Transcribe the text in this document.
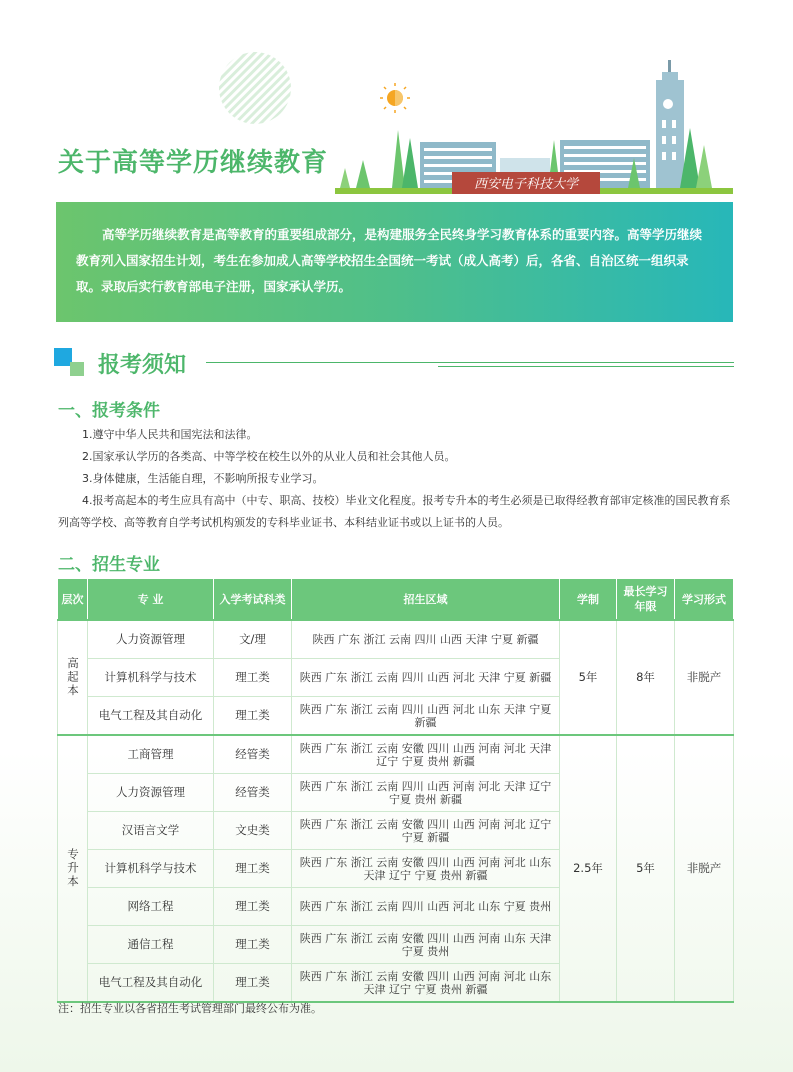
西安电子科技大学
关于高等学历继续教育

高等学历继续教育是高等教育的重要组成部分，是构建服务全民终身学习教育体系的重要内容。高等学历继续教育列入国家招生计划，考生在参加成人高等学校招生全国统一考试（成人高考）后，各省、自治区统一组织录取。录取后实行教育部电子注册，国家承认学历。

报考须知
一、报考条件

1.遵守中华人民共和国宪法和法律。

2.国家承认学历的各类高、中等学校在校生以外的从业人员和社会其他人员。

3.身体健康，生活能自理，不影响所报专业学习。

4.报考高起本的考生应具有高中（中专、职高、技校）毕业文化程度。报考专升本的考生必须是已取得经教育部审定核准的国民教育系列高等学校、高等教育自学考试机构颁发的专科毕业证书、本科结业证书或以上证书的人员。

二、招生专业
层次	专 业	入学考试科类	招生区域	学制	最长学习年限	学习形式
高起本	人力资源管理	文/理	陕西 广东 浙江 云南 四川 山西 天津 宁夏 新疆	5年	8年	非脱产
	计算机科学与技术	理工类	陕西 广东 浙江 云南 四川 山西 河北 天津 宁夏 新疆			
	电气工程及其自动化	理工类	陕西 广东 浙江 云南 四川 山西 河北 山东 天津 宁夏 新疆			
专升本	工商管理	经管类	陕西 广东 浙江 云南 安徽 四川 山西 河南 河北 天津 辽宁 宁夏 贵州 新疆	2.5年	5年	非脱产
	人力资源管理	经管类	陕西 广东 浙江 云南 四川 山西 河南 河北 天津 辽宁 宁夏 贵州 新疆			
	汉语言文学	文史类	陕西 广东 浙江 云南 安徽 四川 山西 河南 河北 辽宁 宁夏 新疆			
	计算机科学与技术	理工类	陕西 广东 浙江 云南 安徽 四川 山西 河南 河北 山东 天津 辽宁 宁夏 贵州 新疆			
	网络工程	理工类	陕西 广东 浙江 云南 四川 山西 河北 山东 宁夏 贵州			
	通信工程	理工类	陕西 广东 浙江 云南 安徽 四川 山西 河南 山东 天津 宁夏 贵州			
	电气工程及其自动化	理工类	陕西 广东 浙江 云南 安徽 四川 山西 河南 河北 山东 天津 辽宁 宁夏 贵州 新疆			
注：招生专业以各省招生考试管理部门最终公布为准。
